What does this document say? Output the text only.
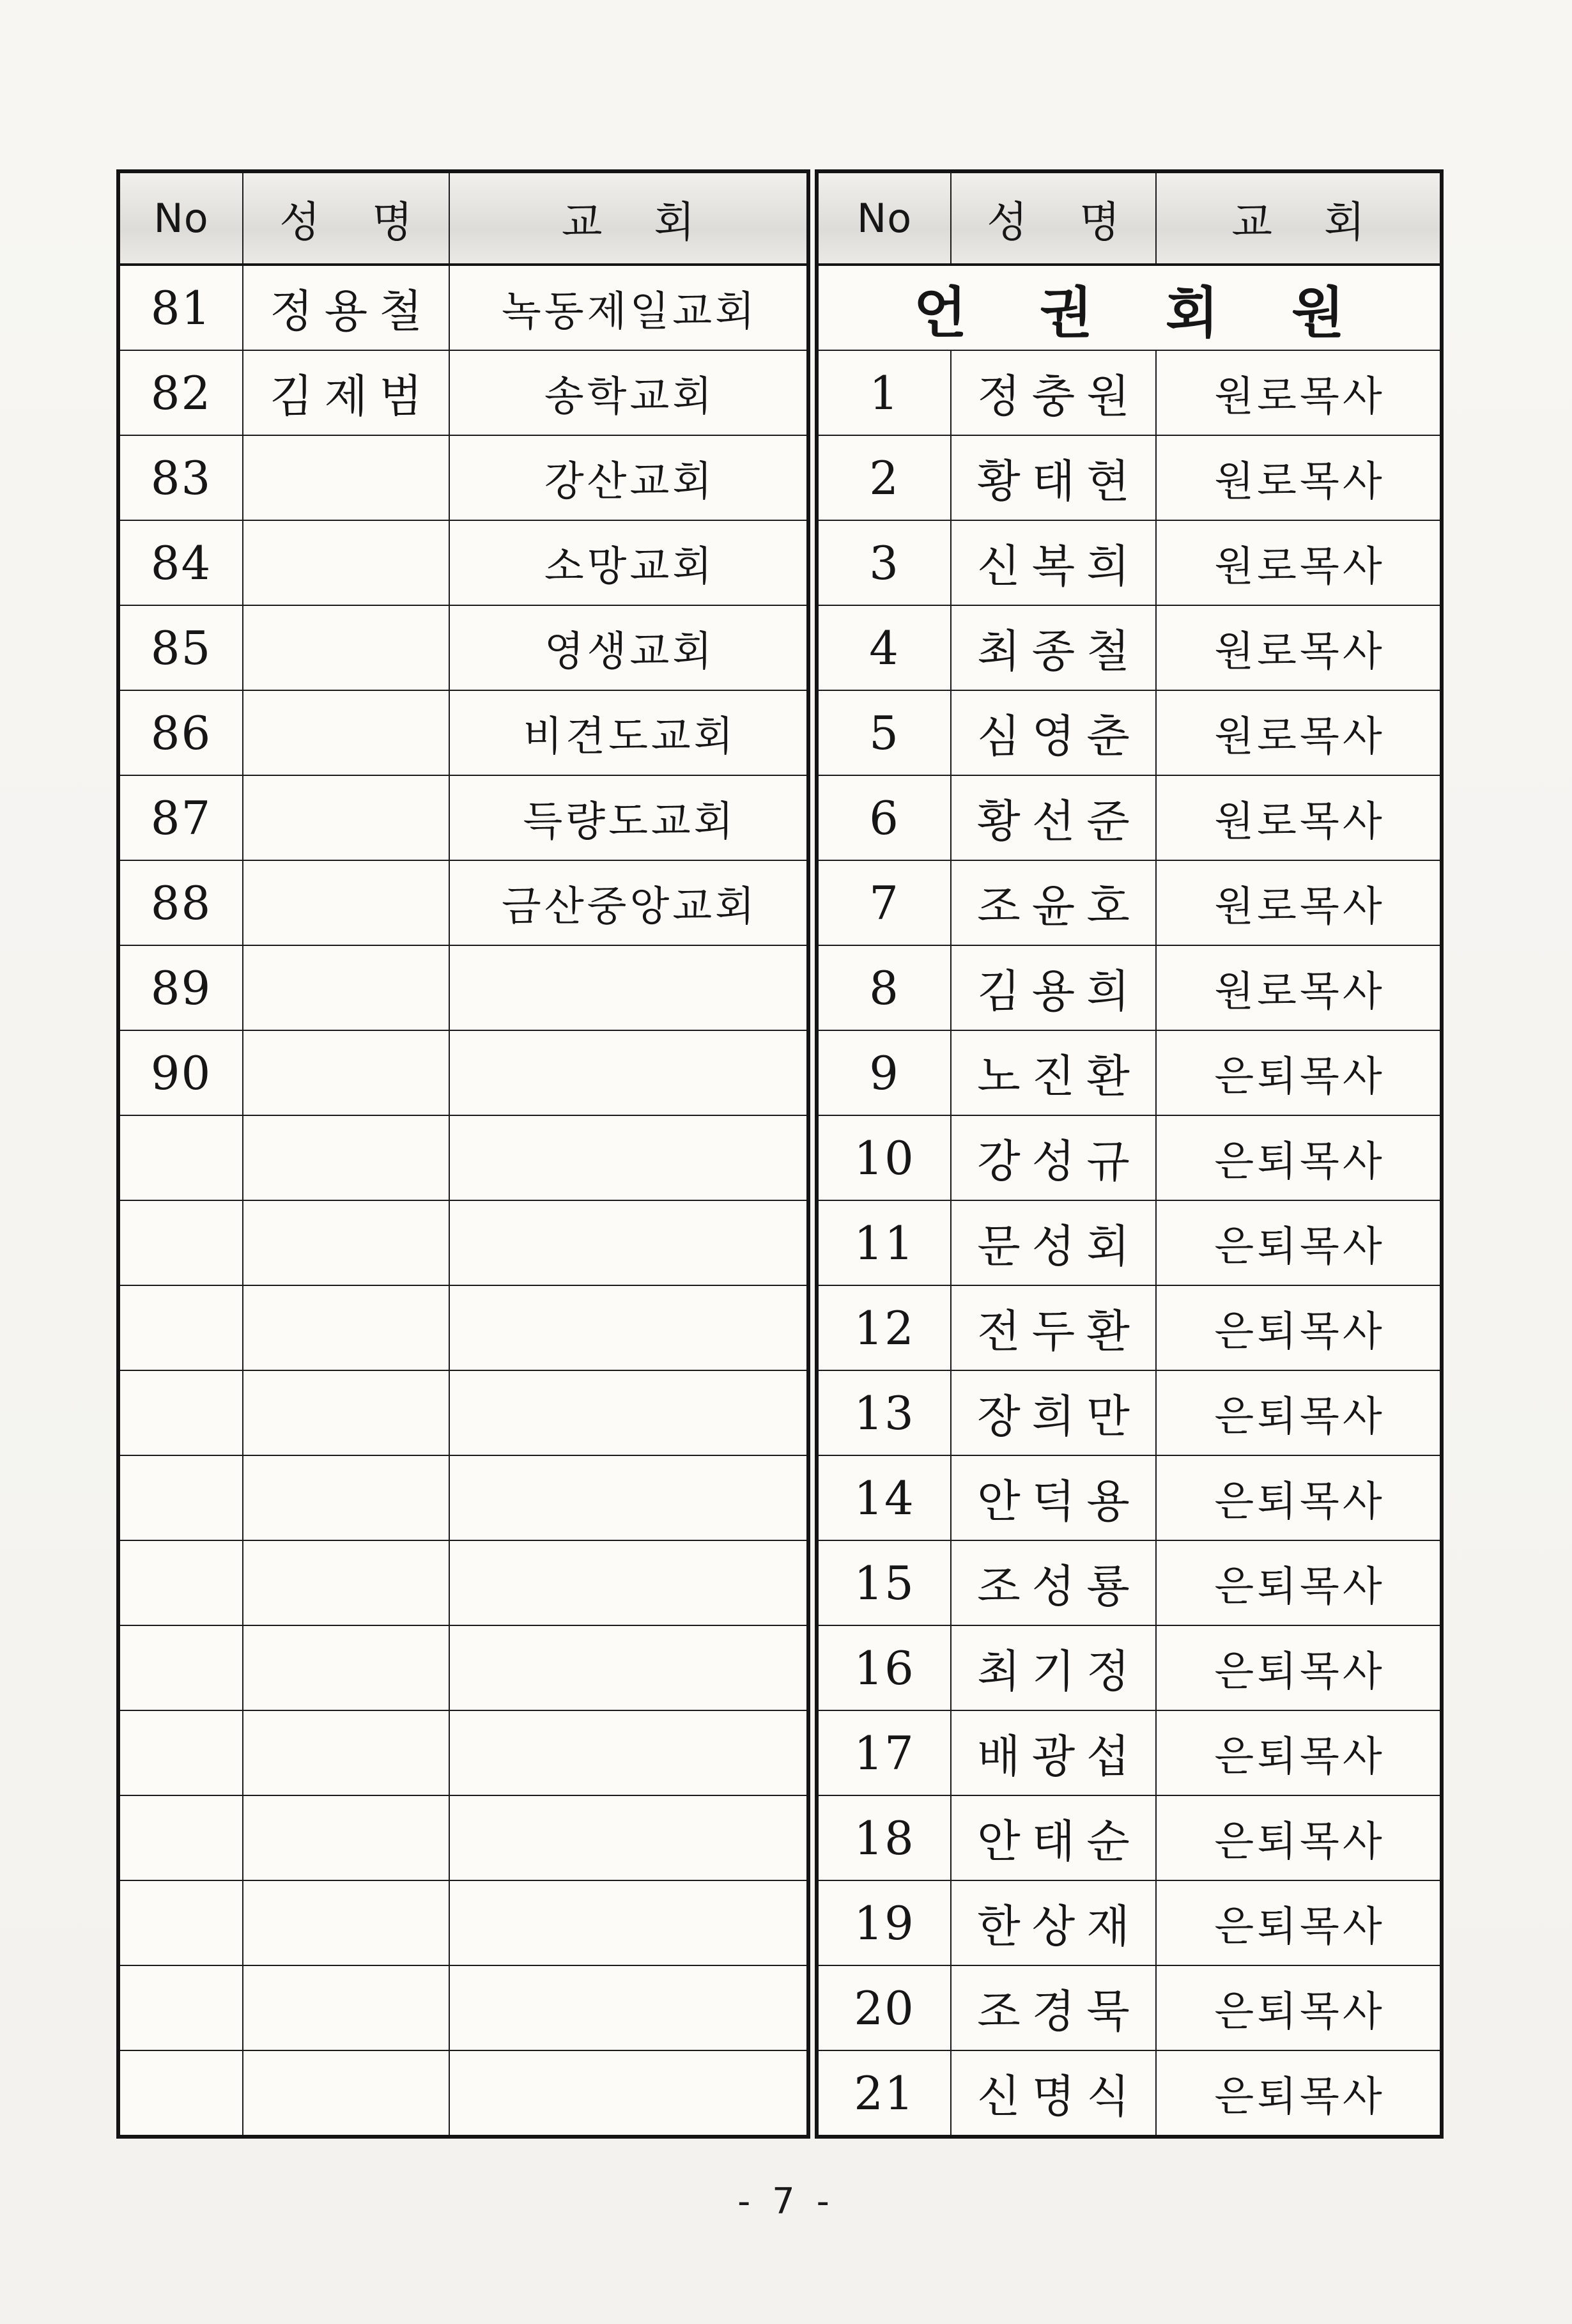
No	성 명	교 회
81	정용철	녹동제일교회
82	김제범	송학교회
83		강산교회
84		소망교회
85		영생교회
86		비견도교회
87		득량도교회
88		금산중앙교회
89		
90		

No	성 명	교 회
언 권 회 원		
1	정충원	원로목사
2	황태현	원로목사
3	신복희	원로목사
4	최종철	원로목사
5	심영춘	원로목사
6	황선준	원로목사
7	조윤호	원로목사
8	김용희	원로목사
9	노진환	은퇴목사
10	강성규	은퇴목사
11	문성회	은퇴목사
12	전두환	은퇴목사
13	장희만	은퇴목사
14	안덕용	은퇴목사
15	조성룡	은퇴목사
16	최기정	은퇴목사
17	배광섭	은퇴목사
18	안태순	은퇴목사
19	한상재	은퇴목사
20	조경묵	은퇴목사
21	신명식	은퇴목사
- 7 -
